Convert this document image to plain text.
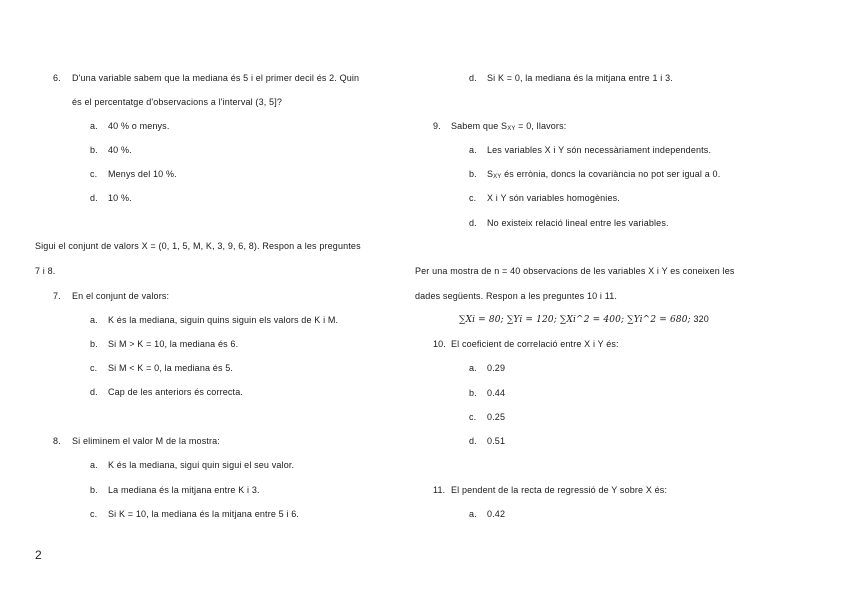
6. D'una variable sabem que la mediana és 5 i el primer decil és 2. Quin
és el percentatge d'observacions a l'interval (3, 5]?
a. 40 % o menys.
b. 40 %.
c. Menys del 10 %.
d. 10 %.
Sigui el conjunt de valors X = (0, 1, 5, M, K, 3, 9, 6, 8). Respon a les preguntes
7 i 8.
7. En el conjunt de valors:
a. K és la mediana, siguin quins siguin els valors de K i M.
b. Si M > K = 10, la mediana és 6.
c. Si M < K = 0, la mediana és 5.
d. Cap de les anteriors és correcta.
8. Si eliminem el valor M de la mostra:
a. K és la mediana, sigui quin sigui el seu valor.
b. La mediana és la mitjana entre K i 3.
c. Si K = 10, la mediana és la mitjana entre 5 i 6.
d. Si K = 0, la mediana és la mitjana entre 1 i 3.
9. Sabem que $S_{XY} = 0$, llavors:
a. Les variables X i Y són necessàriament independents.
b. $S_{XY}$ és errònia, doncs la covariància no pot ser igual a 0.
c. X i Y són variables homogènies.
d. No existeix relació lineal entre les variables.
Per una mostra de n = 40 observacions de les variables X i Y es coneixen les
dades següents. Respon a les preguntes 10 i 11.
∑Xi = 80; ∑Yi = 120; ∑Xi^2 = 400; ∑Yi^2 = 680; 320
10. El coeficient de correlació entre X i Y és:
a. 0.29
b. 0.44
c. 0.25
d. 0.51
11. El pendent de la recta de regressió de Y sobre X és:
a. 0.42
2
